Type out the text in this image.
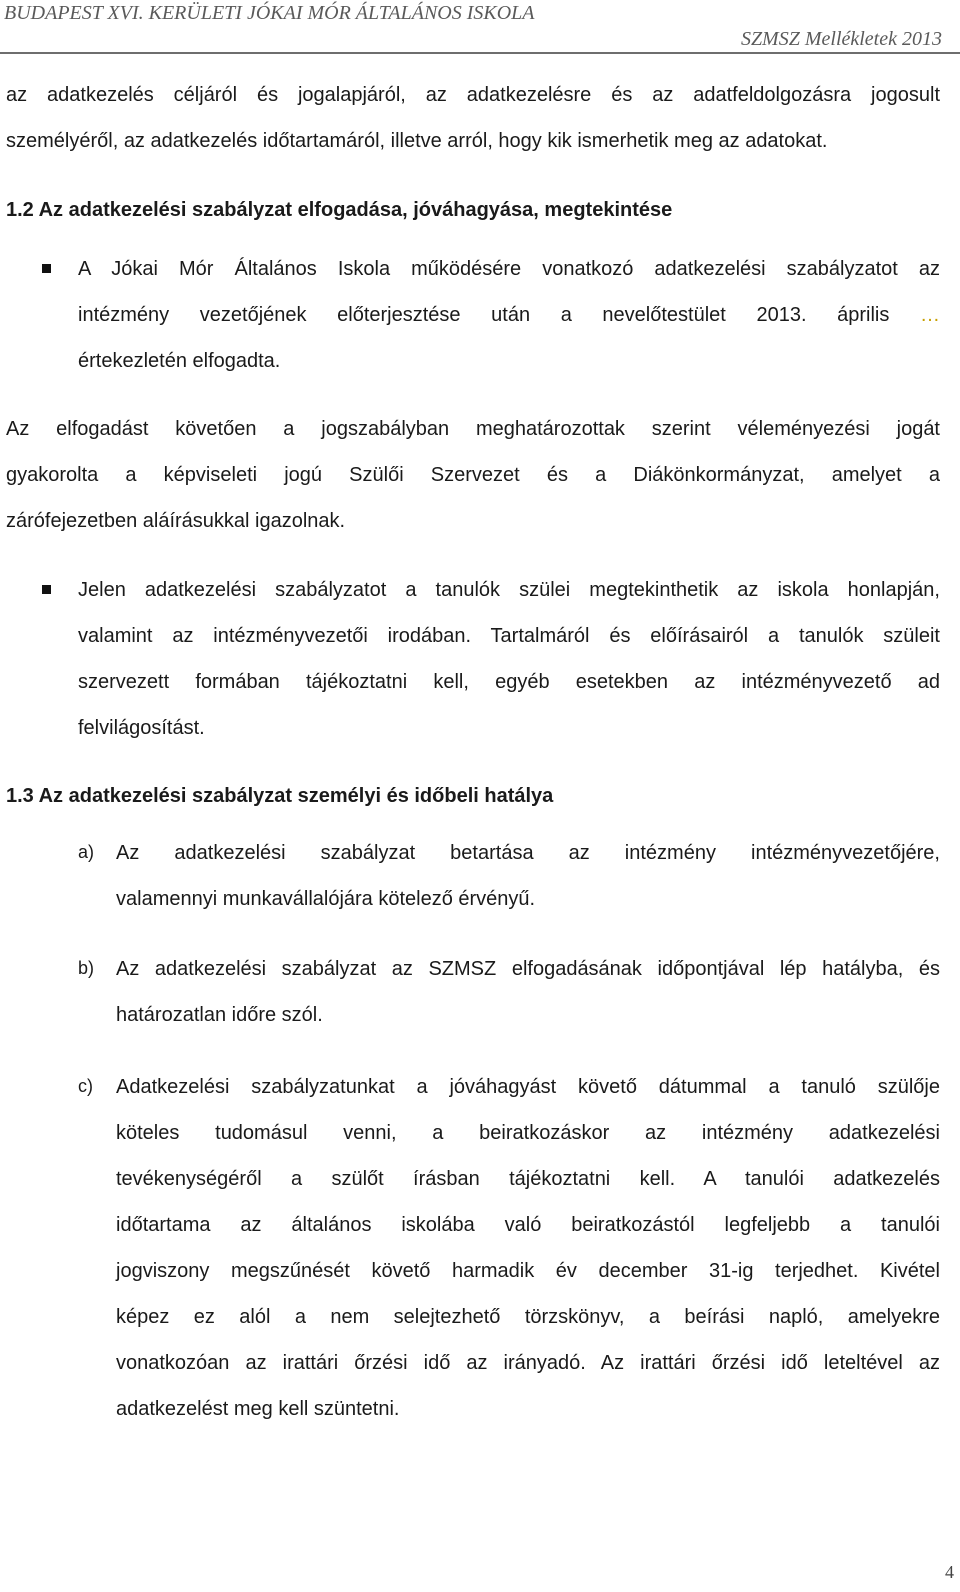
BUDAPEST XVI. KERÜLETI JÓKAI MÓR ÁLTALÁNOS ISKOLA
SZMSZ Mellékletek 2013
az adatkezelés céljáról és jogalapjáról, az adatkezelésre és az adatfeldolgozásra jogosult
személyéről, az adatkezelés időtartamáról, illetve arról, hogy kik ismerhetik meg az adatokat.
1.2 Az adatkezelési szabályzat elfogadása, jóváhagyása, megtekintése
A Jókai Mór Általános Iskola működésére vonatkozó adatkezelési szabályzatot az
intézmény vezetőjének előterjesztése után a nevelőtestület 2013. április …
értekezletén elfogadta.
Az elfogadást követően a jogszabályban meghatározottak szerint véleményezési jogát
gyakorolta a képviseleti jogú Szülői Szervezet és a Diákönkormányzat, amelyet a
zárófejezetben aláírásukkal igazolnak.
Jelen adatkezelési szabályzatot a tanulók szülei megtekinthetik az iskola honlapján,
valamint az intézményvezetői irodában. Tartalmáról és előírásairól a tanulók szüleit
szervezett formában tájékoztatni kell, egyéb esetekben az intézményvezető ad
felvilágosítást.
1.3 Az adatkezelési szabályzat személyi és időbeli hatálya
a) Az adatkezelési szabályzat betartása az intézmény intézményvezetőjére,
valamennyi munkavállalójára kötelező érvényű.
b) Az adatkezelési szabályzat az SZMSZ elfogadásának időpontjával lép hatályba, és
határozatlan időre szól.
c) Adatkezelési szabályzatunkat a jóváhagyást követő dátummal a tanuló szülője
köteles tudomásul venni, a beiratkozáskor az intézmény adatkezelési
tevékenységéről a szülőt írásban tájékoztatni kell. A tanulói adatkezelés
időtartama az általános iskolába való beiratkozástól legfeljebb a tanulói
jogviszony megszűnését követő harmadik év december 31-ig terjedhet. Kivétel
képez ez alól a nem selejtezhető törzskönyv, a beírási napló, amelyekre
vonatkozóan az irattári őrzési idő az irányadó. Az irattári őrzési idő leteltével az
adatkezelést meg kell szüntetni.
4
